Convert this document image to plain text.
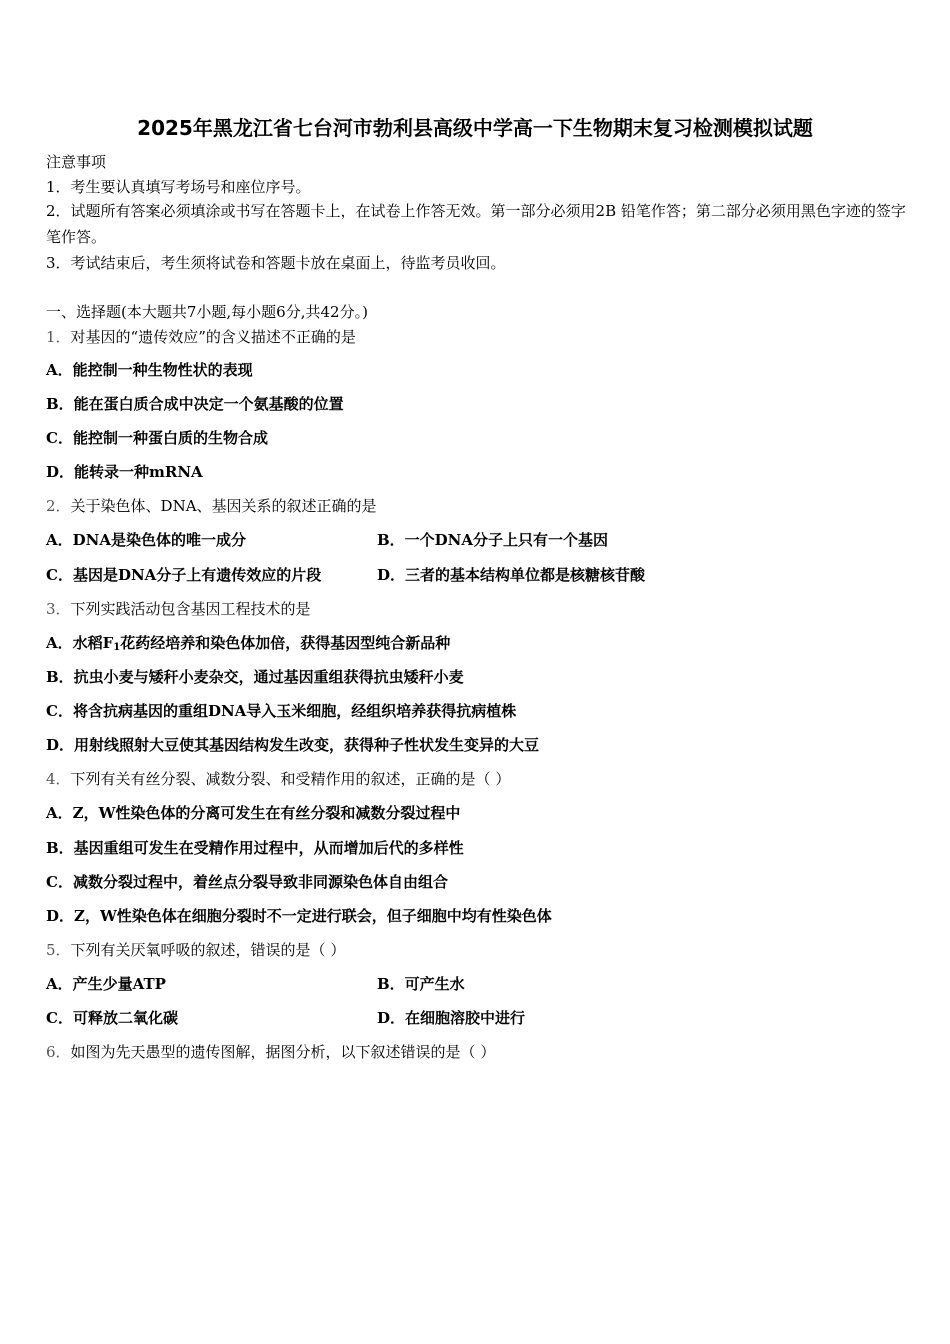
2025年黑龙江省七台河市勃利县高级中学高一下生物期末复习检测模拟试题
注意事项
1．考生要认真填写考场号和座位序号。
2．试题所有答案必须填涂或书写在答题卡上，在试卷上作答无效。第一部分必须用2B 铅笔作答；第二部分必须用黑色字迹的签字笔作答。
3．考试结束后，考生须将试卷和答题卡放在桌面上，待监考员收回。
一、选择题(本大题共7小题,每小题6分,共42分。)
1．对基因的“遗传效应”的含义描述不正确的是
A．能控制一种生物性状的表现
B．能在蛋白质合成中决定一个氨基酸的位置
C．能控制一种蛋白质的生物合成
D．能转录一种mRNA
2．关于染色体、DNA、基因关系的叙述正确的是
A．DNA是染色体的唯一成分	B．一个DNA分子上只有一个基因
C．基因是DNA分子上有遗传效应的片段	D．三者的基本结构单位都是核糖核苷酸
3．下列实践活动包含基因工程技术的是
A．水稻$F_1$花药经培养和染色体加倍，获得基因型纯合新品种
B．抗虫小麦与矮秆小麦杂交，通过基因重组获得抗虫矮秆小麦
C．将含抗病基因的重组DNA导入玉米细胞，经组织培养获得抗病植株
D．用射线照射大豆使其基因结构发生改变，获得种子性状发生变异的大豆
4．下列有关有丝分裂、减数分裂、和受精作用的叙述，正确的是（ ）
A．Z，W性染色体的分离可发生在有丝分裂和减数分裂过程中
B．基因重组可发生在受精作用过程中，从而增加后代的多样性
C．减数分裂过程中，着丝点分裂导致非同源染色体自由组合
D．Z，W性染色体在细胞分裂时不一定进行联会，但子细胞中均有性染色体
5．下列有关厌氧呼吸的叙述，错误的是（ ）
A．产生少量ATP	B．可产生水
C．可释放二氧化碳	D．在细胞溶胶中进行
6．如图为先天愚型的遗传图解，据图分析，以下叙述错误的是（ ）
